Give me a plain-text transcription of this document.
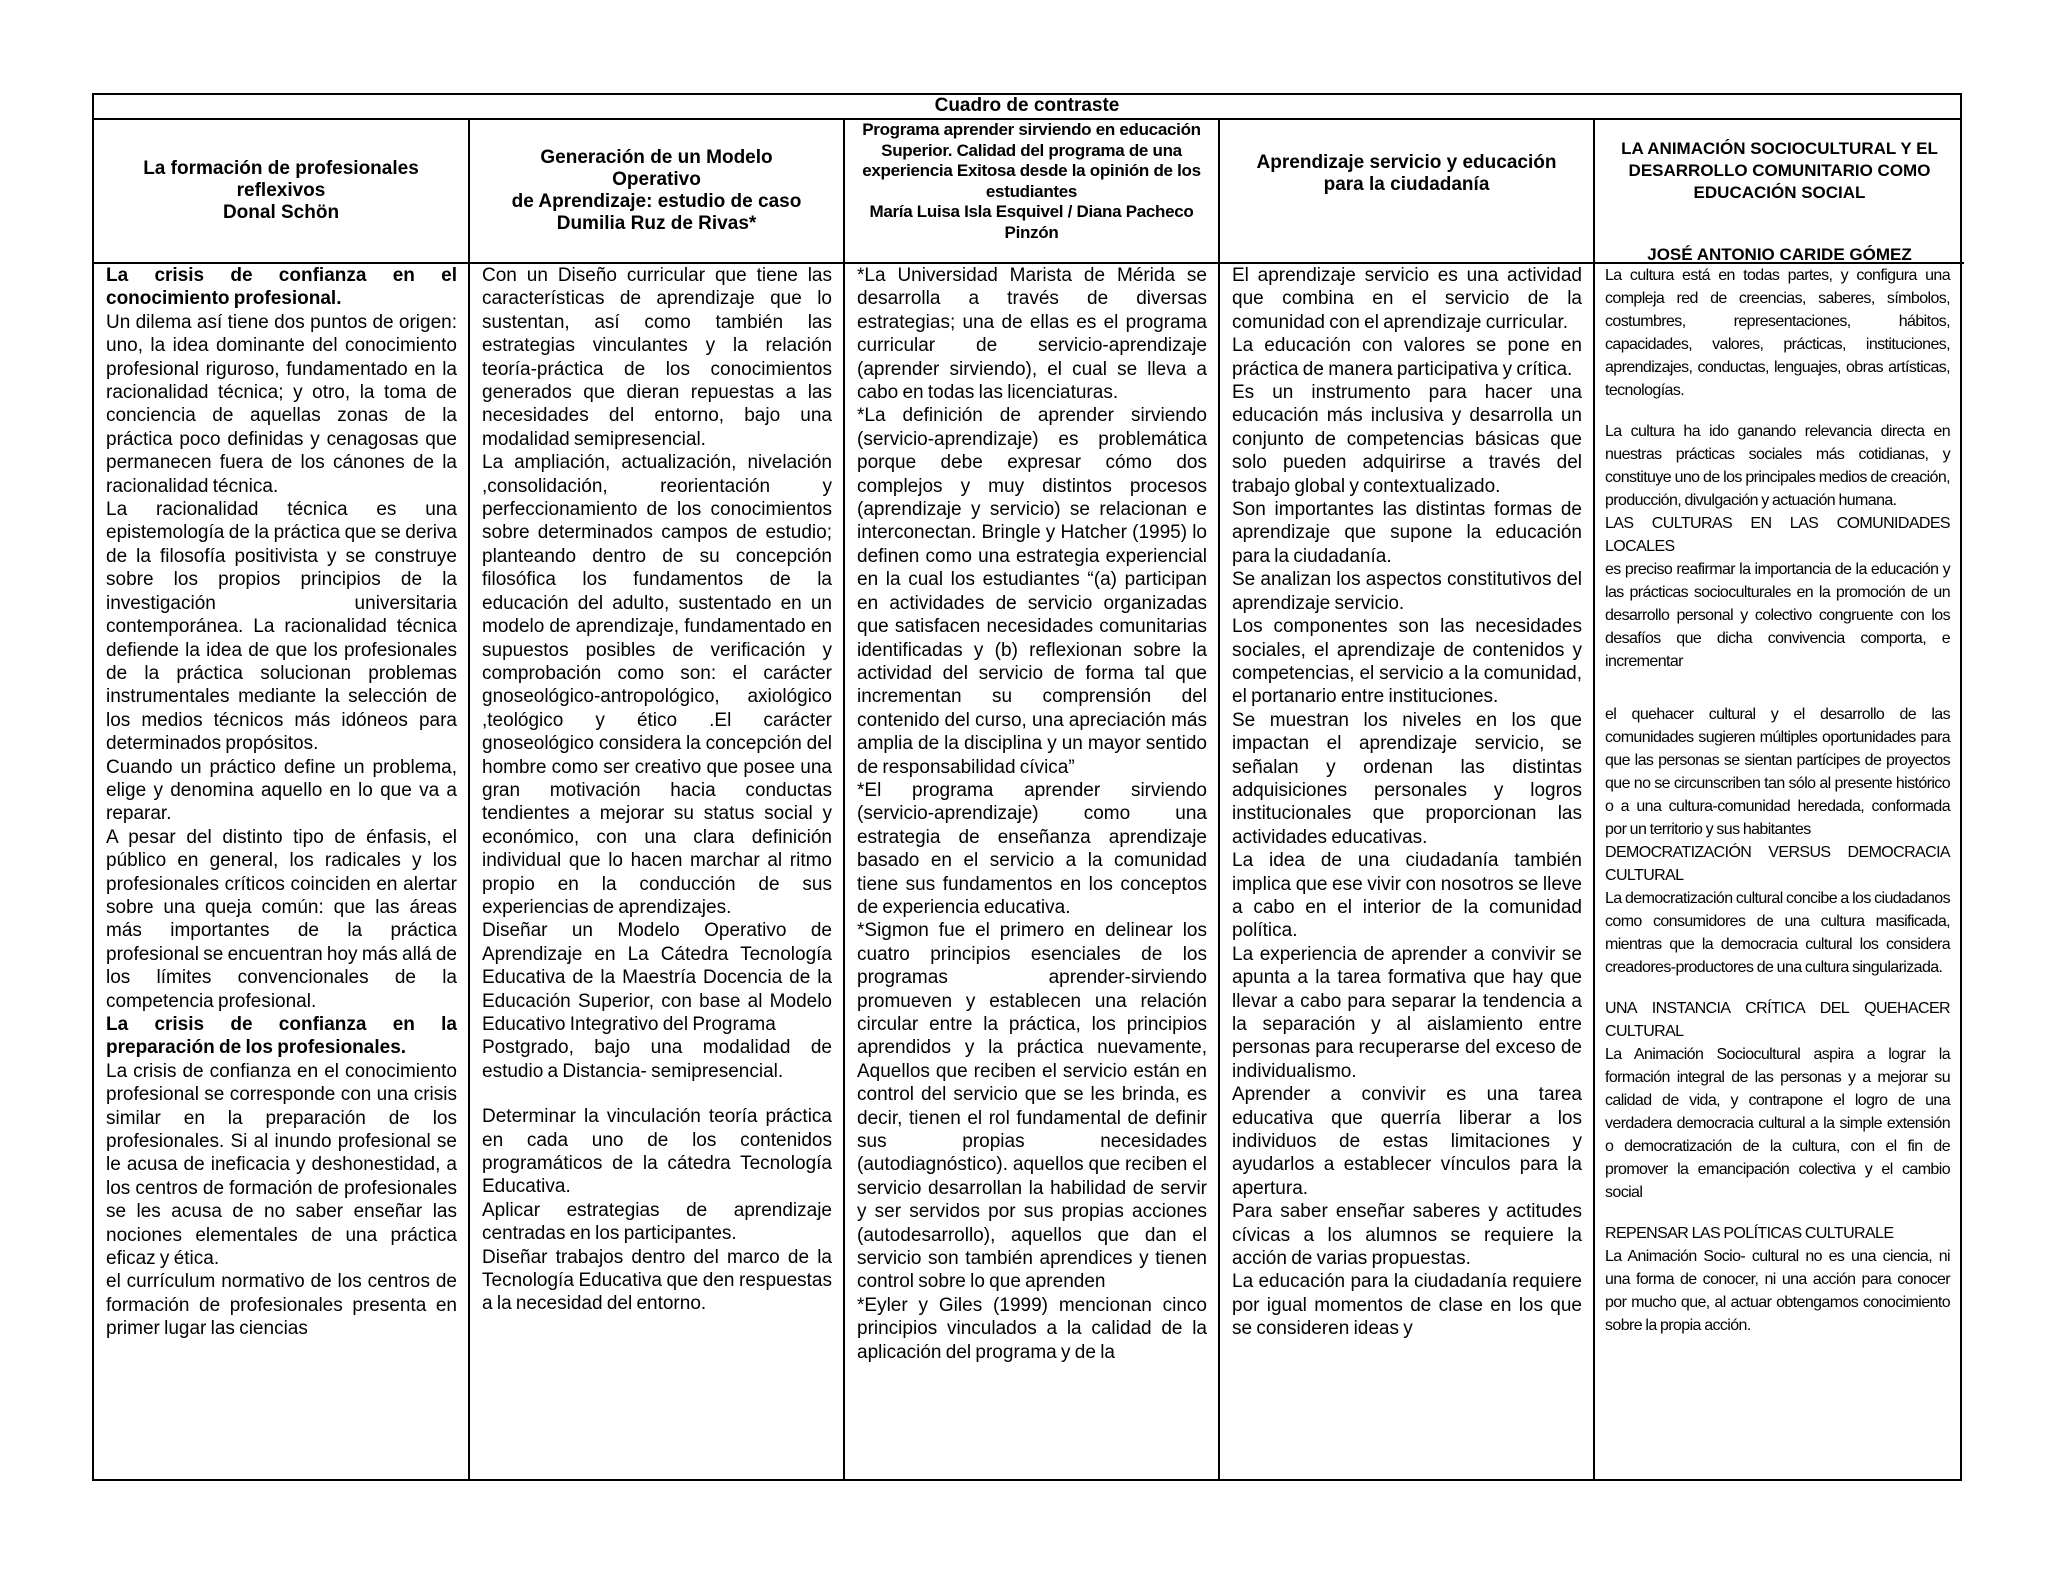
Cuadro de contraste
La formación de profesionales reflexivos
Donal Schön

La crisis de confianza en el conocimiento profesional.

Un dilema así tiene dos puntos de origen: uno, la idea dominante del conocimiento profesional riguroso, fundamentado en la racionalidad técnica; y otro, la toma de conciencia de aquellas zonas de la práctica poco definidas y cenagosas que permanecen fuera de los cánones de la racionalidad técnica.

La racionalidad técnica es una epistemología de la práctica que se deriva de la filosofía positivista y se construye sobre los propios principios de la investigación universitaria contemporánea. La racionalidad técnica defiende la idea de que los profesionales de la práctica solucionan problemas instrumentales mediante la selección de los medios técnicos más idóneos para determinados propósitos.

Cuando un práctico define un problema, elige y denomina aquello en lo que va a reparar.

A pesar del distinto tipo de énfasis, el público en general, los radicales y los profesionales críticos coinciden en alertar sobre una queja común: que las áreas más importantes de la práctica profesional se encuentran hoy más allá de los límites convencionales de la competencia profesional.

La crisis de confianza en la preparación de los profesionales.

La crisis de confianza en el conocimiento profesional se corresponde con una crisis similar en la preparación de los profesionales. Si al inundo profesional se le acusa de ineficacia y deshonestidad, a los centros de formación de profesionales se les acusa de no saber enseñar las nociones elementales de una práctica eficaz y ética.

el currículum normativo de los centros de formación de profesionales presenta en primer lugar las ciencias

Generación de un Modelo Operativo
de Aprendizaje: estudio de caso
Dumilia Ruz de Rivas*

Con un Diseño curricular que tiene las características de aprendizaje que lo sustentan, así como también las estrategias vinculantes y la relación teoría-práctica de los conocimientos generados que dieran repuestas a las necesidades del entorno, bajo una modalidad semipresencial.

La ampliación, actualización, nivelación ,consolidación, reorientación y perfeccionamiento de los conocimientos sobre determinados campos de estudio; planteando dentro de su concepción filosófica los fundamentos de la educación del adulto, sustentado en un modelo de aprendizaje, fundamentado en supuestos posibles de verificación y comprobación como son: el carácter gnoseológico-antropológico, axiológico ,teológico y ético .El carácter gnoseológico considera la concepción del hombre como ser creativo que posee una gran motivación hacia conductas tendientes a mejorar su status social y económico, con una clara definición individual que lo hacen marchar al ritmo propio en la conducción de sus experiencias de aprendizajes.

Diseñar un Modelo Operativo de Aprendizaje en La Cátedra Tecnología Educativa de la Maestría Docencia de la Educación Superior, con base al Modelo Educativo Integrativo del Programa

Postgrado, bajo una modalidad de estudio a Distancia- semipresencial.

Determinar la vinculación teoría práctica en cada uno de los contenidos programáticos de la cátedra Tecnología Educativa.

Aplicar estrategias de aprendizaje centradas en los participantes.

Diseñar trabajos dentro del marco de la Tecnología Educativa que den respuestas a la necesidad del entorno.

Programa aprender sirviendo en educación Superior. Calidad del programa de una experiencia Exitosa desde la opinión de los estudiantes
María Luisa Isla Esquivel / Diana Pacheco Pinzón

*La Universidad Marista de Mérida se desarrolla a través de diversas estrategias; una de ellas es el programa curricular de servicio-aprendizaje (aprender sirviendo), el cual se lleva a cabo en todas las licenciaturas.

*La definición de aprender sirviendo (servicio-aprendizaje) es problemática porque debe expresar cómo dos complejos y muy distintos procesos (aprendizaje y servicio) se relacionan e interconectan. Bringle y Hatcher (1995) lo definen como una estrategia experiencial en la cual los estudiantes “(a) participan en actividades de servicio organizadas que satisfacen necesidades comunitarias identificadas y (b) reflexionan sobre la actividad del servicio de forma tal que incrementan su comprensión del contenido del curso, una apreciación más amplia de la disciplina y un mayor sentido de responsabilidad cívica”

*El programa aprender sirviendo (servicio-aprendizaje) como una estrategia de enseñanza aprendizaje basado en el servicio a la comunidad tiene sus fundamentos en los conceptos de experiencia educativa.

*Sigmon fue el primero en delinear los cuatro principios esenciales de los programas aprender-sirviendo promueven y establecen una relación circular entre la práctica, los principios aprendidos y la práctica nuevamente, Aquellos que reciben el servicio están en control del servicio que se les brinda, es decir, tienen el rol fundamental de definir sus propias necesidades (autodiagnóstico). aquellos que reciben el servicio desarrollan la habilidad de servir y ser servidos por sus propias acciones (autodesarrollo), aquellos que dan el servicio son también aprendices y tienen control sobre lo que aprenden

*Eyler y Giles (1999) mencionan cinco principios vinculados a la calidad de la aplicación del programa y de la

Aprendizaje servicio y educación para la ciudadanía

El aprendizaje servicio es una actividad que combina en el servicio de la comunidad con el aprendizaje curricular.

La educación con valores se pone en práctica de manera participativa y crítica.

Es un instrumento para hacer una educación más inclusiva y desarrolla un conjunto de competencias básicas que solo pueden adquirirse a través del trabajo global y contextualizado.

Son importantes las distintas formas de aprendizaje que supone la educación para la ciudadanía.

Se analizan los aspectos constitutivos del aprendizaje servicio.

Los componentes son las necesidades sociales, el aprendizaje de contenidos y competencias, el servicio a la comunidad, el portanario entre instituciones.

Se muestran los niveles en los que impactan el aprendizaje servicio, se señalan y ordenan las distintas adquisiciones personales y logros institucionales que proporcionan las actividades educativas.

La idea de una ciudadanía también implica que ese vivir con nosotros se lleve a cabo en el interior de la comunidad política.

La experiencia de aprender a convivir se apunta a la tarea formativa que hay que llevar a cabo para separar la tendencia a la separación y al aislamiento entre personas para recuperarse del exceso de individualismo.

Aprender a convivir es una tarea educativa que querría liberar a los individuos de estas limitaciones y ayudarlos a establecer vínculos para la apertura.

Para saber enseñar saberes y actitudes cívicas a los alumnos se requiere la acción de varias propuestas.

La educación para la ciudadanía requiere por igual momentos de clase en los que se consideren ideas y

LA ANIMACIÓN SOCIOCULTURAL Y EL DESARROLLO COMUNITARIO COMO EDUCACIÓN SOCIAL
JOSÉ ANTONIO CARIDE GÓMEZ

La cultura está en todas partes, y configura una compleja red de creencias, saberes, símbolos, costumbres, representaciones, hábitos, capacidades, valores, prácticas, instituciones, aprendizajes, conductas, lenguajes, obras artísticas, tecnologías.

La cultura ha ido ganando relevancia directa en nuestras prácticas sociales más cotidianas, y constituye uno de los principales medios de creación, producción, divulgación y actuación humana.

LAS CULTURAS EN LAS COMUNIDADES LOCALES

es preciso reafirmar la importancia de la educación y las prácticas socioculturales en la promoción de un desarrollo personal y colectivo congruente con los desafíos que dicha convivencia comporta, e incrementar

el quehacer cultural y el desarrollo de las comunidades sugieren múltiples oportunidades para que las personas se sientan partícipes de proyectos que no se circunscriben tan sólo al presente histórico o a una cultura-comunidad heredada, conformada por un territorio y sus habitantes

DEMOCRATIZACIÓN VERSUS DEMOCRACIA CULTURAL

La democratización cultural concibe a los ciudadanos como consumidores de una cultura masificada, mientras que la democracia cultural los considera creadores-productores de una cultura singularizada.

UNA INSTANCIA CRÍTICA DEL QUEHACER CULTURAL

La Animación Sociocultural aspira a lograr la formación integral de las personas y a mejorar su calidad de vida, y contrapone el logro de una verdadera democracia cultural a la simple extensión o democratización de la cultura, con el fin de promover la emancipación colectiva y el cambio social

REPENSAR LAS POLÍTICAS CULTURALE

La Animación Socio- cultural no es una ciencia, ni una forma de conocer, ni una acción para conocer por mucho que, al actuar obtengamos conocimiento sobre la propia acción.
